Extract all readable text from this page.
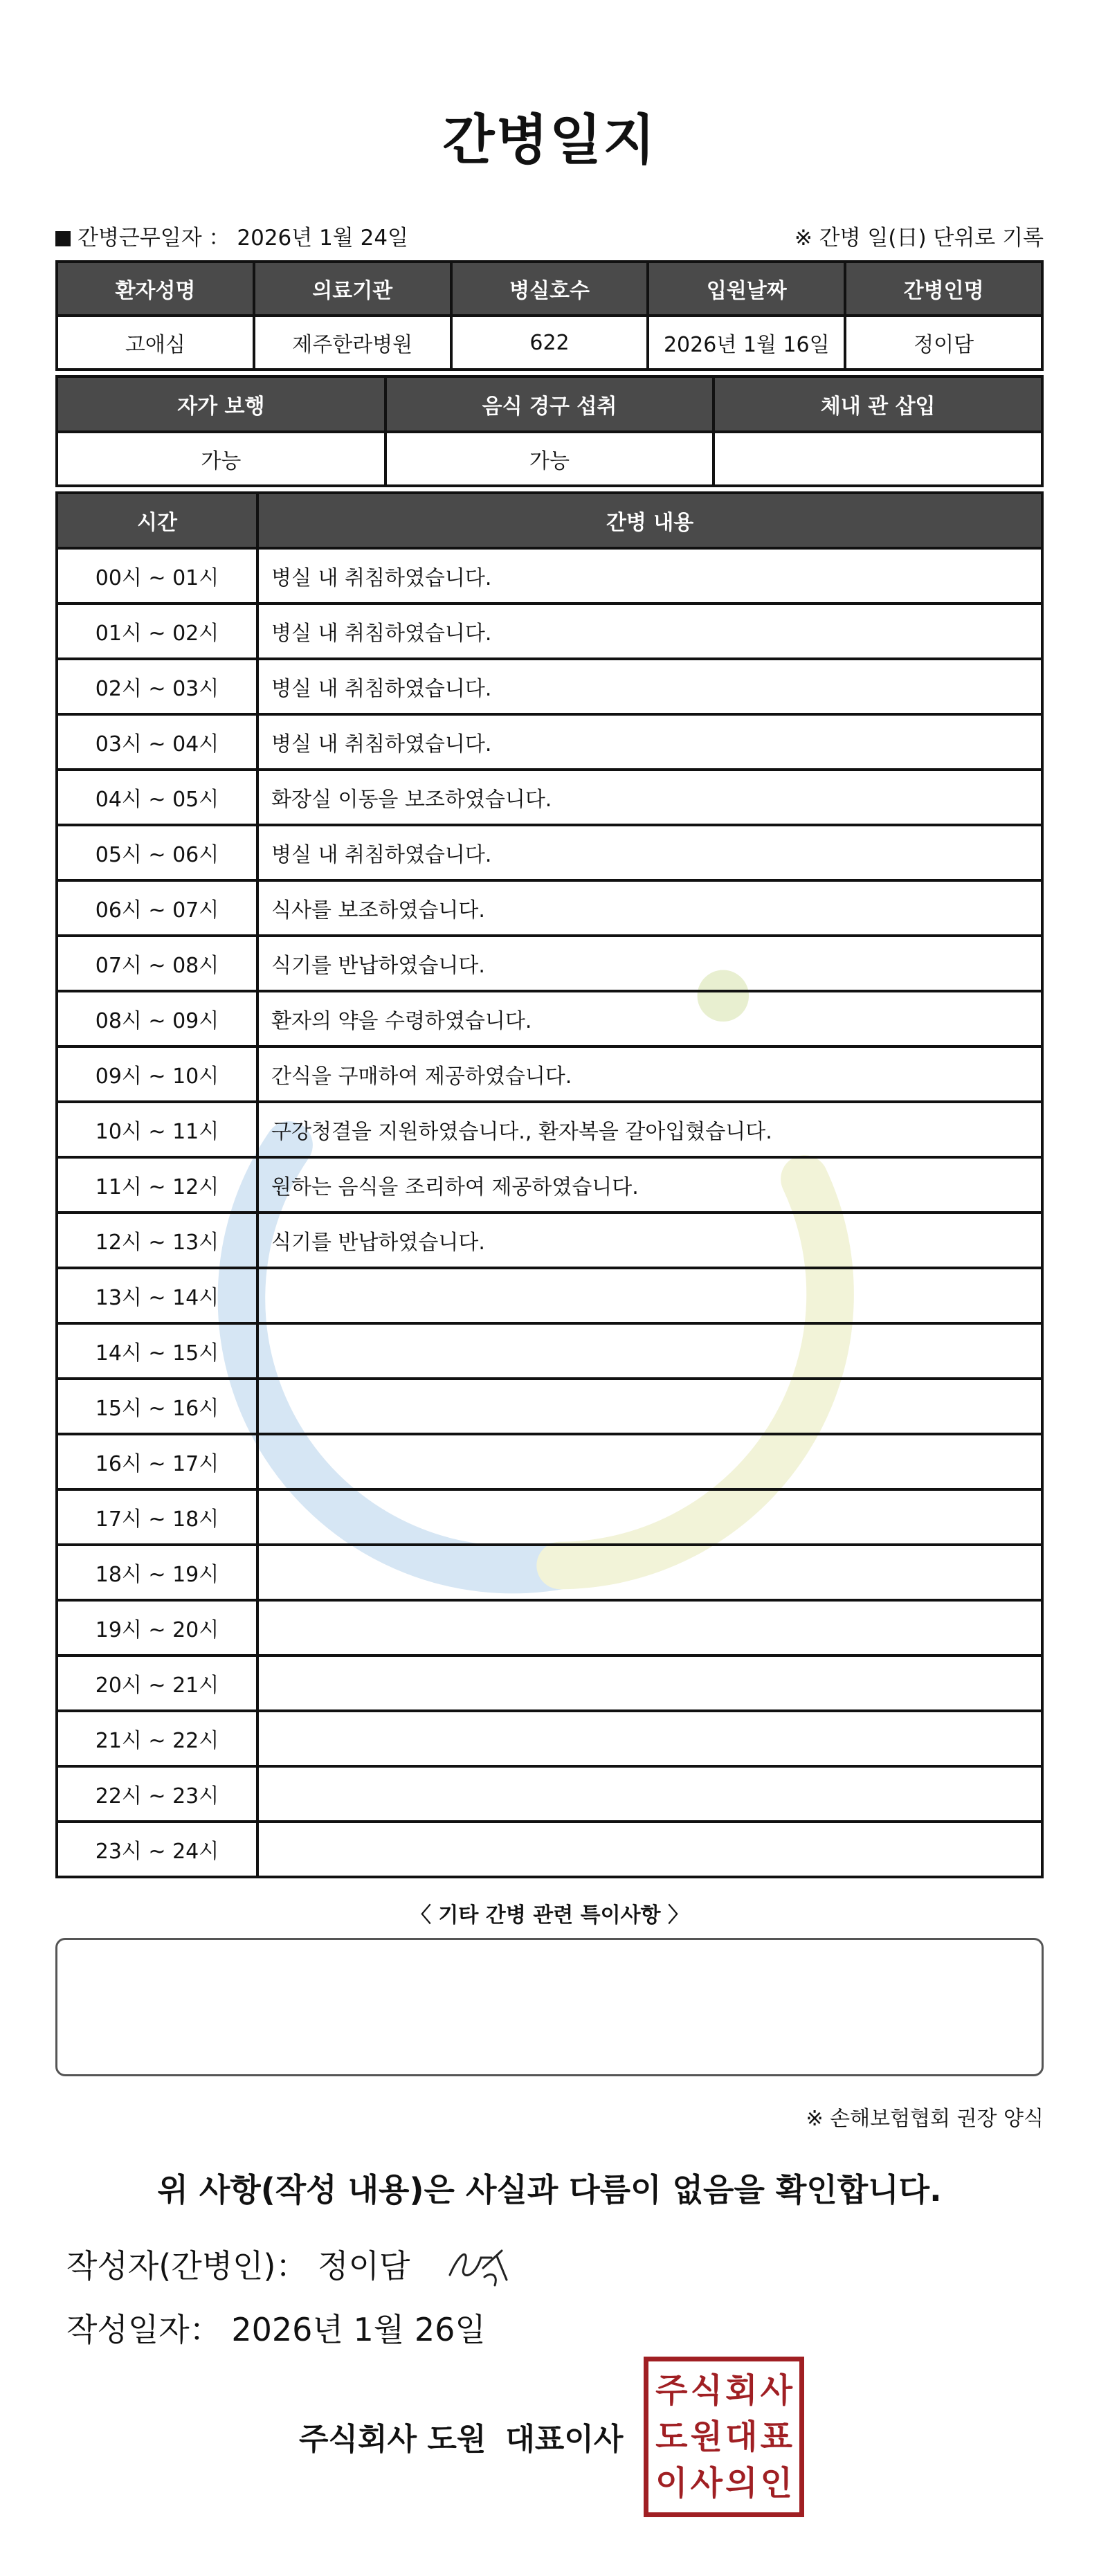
간병일지
간병근무일자 ： 2026년 1월 24일	※ 간병 일(日) 단위로 기록
환자성명	의료기관	병실호수	입원날짜	간병인명
고애심	제주한라병원	622	2026년 1월 16일	정이담
자가 보행	음식 경구 섭취	체내 관 삽입
가능	가능	
시간	간병 내용
00시 ~ 01시	병실 내 취침하였습니다.
01시 ~ 02시	병실 내 취침하였습니다.
02시 ~ 03시	병실 내 취침하였습니다.
03시 ~ 04시	병실 내 취침하였습니다.
04시 ~ 05시	화장실 이동을 보조하였습니다.
05시 ~ 06시	병실 내 취침하였습니다.
06시 ~ 07시	식사를 보조하였습니다.
07시 ~ 08시	식기를 반납하였습니다.
08시 ~ 09시	환자의 약을 수령하였습니다.
09시 ~ 10시	간식을 구매하여 제공하였습니다.
10시 ~ 11시	구강청결을 지원하였습니다., 환자복을 갈아입혔습니다.
11시 ~ 12시	원하는 음식을 조리하여 제공하였습니다.
12시 ~ 13시	식기를 반납하였습니다.
13시 ~ 14시	
14시 ~ 15시	
15시 ~ 16시	
16시 ~ 17시	
17시 ~ 18시	
18시 ~ 19시	
19시 ~ 20시	
20시 ~ 21시	
21시 ~ 22시	
22시 ~ 23시	
23시 ~ 24시	
〈 기타 간병 관련 특이사항 〉
※ 손해보험협회 권장 양식
위 사항(작성 내용)은 사실과 다름이 없음을 확인합니다.
작성자(간병인)： 정이담
작성일자： 2026년 1월 26일
주식회사 도원 대표이사
주 식 회 사
도 원 대 표
이 사 의 인
